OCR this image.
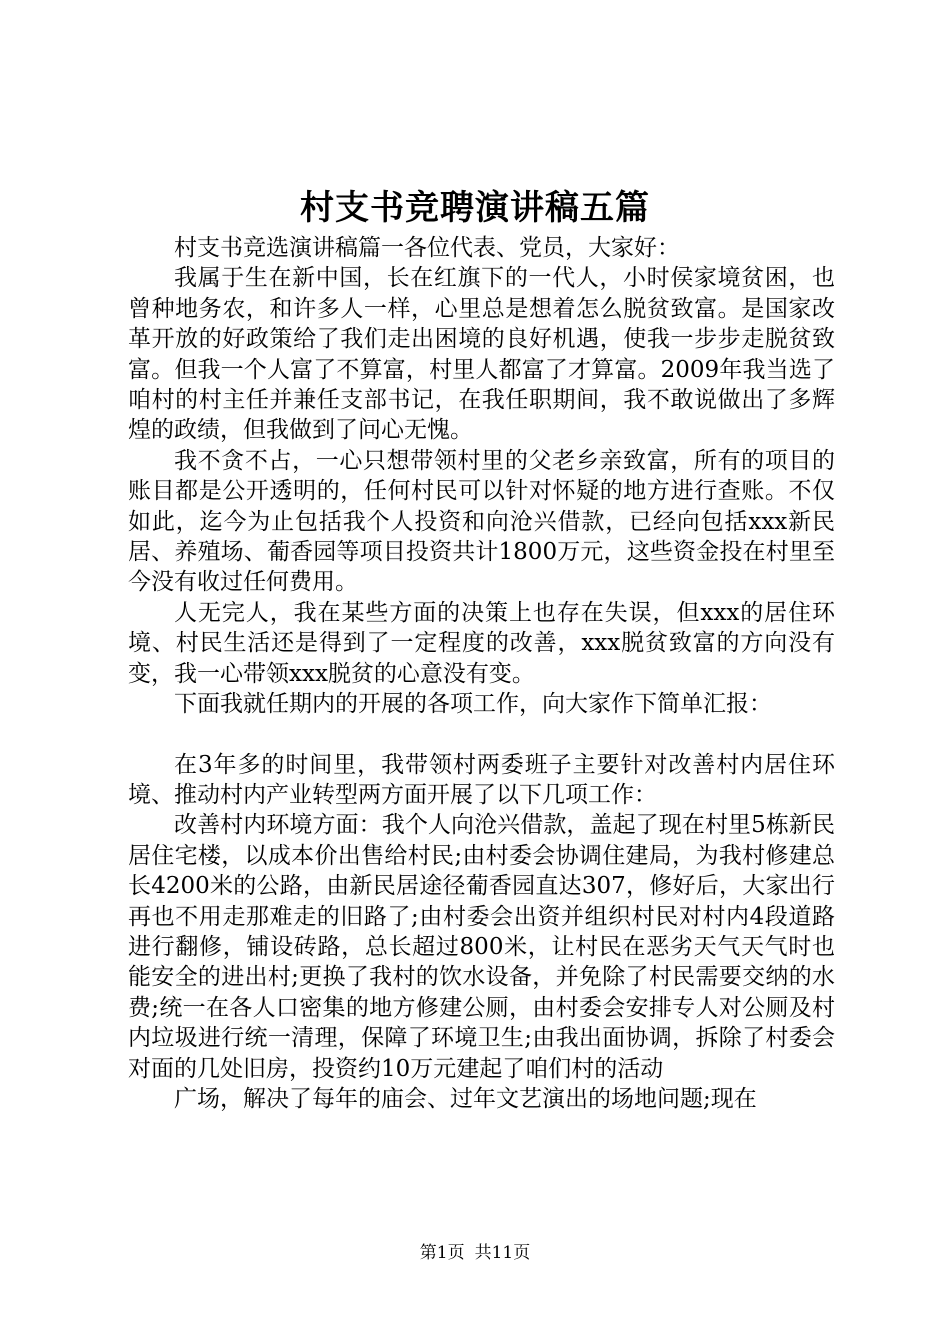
村支书竞聘演讲稿五篇

村支书竞选演讲稿篇一各位代表、党员，大家好：

我属于生在新中国，长在红旗下的一代人，小时侯家境贫困，也曾种地务农，和许多人一样，心里总是想着怎么脱贫致富。是国家改革开放的好政策给了我们走出困境的良好机遇，使我一步步走脱贫致富。但我一个人富了不算富，村里人都富了才算富。2009年我当选了咱村的村主任并兼任支部书记，在我任职期间，我不敢说做出了多辉煌的政绩，但我做到了问心无愧。

我不贪不占，一心只想带领村里的父老乡亲致富，所有的项目的账目都是公开透明的，任何村民可以针对怀疑的地方进行查账。不仅如此，迄今为止包括我个人投资和向沧兴借款，已经向包括xxx新民居、养殖场、葡香园等项目投资共计1800万元，这些资金投在村里至今没有收过任何费用。

人无完人，我在某些方面的决策上也存在失误，但xxx的居住环境、村民生活还是得到了一定程度的改善，xxx脱贫致富的方向没有变，我一心带领xxx脱贫的心意没有变。

下面我就任期内的开展的各项工作，向大家作下简单汇报：

在3年多的时间里，我带领村两委班子主要针对改善村内居住环境、推动村内产业转型两方面开展了以下几项工作：

改善村内环境方面：我个人向沧兴借款，盖起了现在村里5栋新民居住宅楼，以成本价出售给村民;由村委会协调住建局，为我村修建总长4200米的公路，由新民居途径葡香园直达307，修好后，大家出行再也不用走那难走的旧路了;由村委会出资并组织村民对村内4段道路进行翻修，铺设砖路，总长超过800米，让村民在恶劣天气天气时也能安全的进出村;更换了我村的饮水设备，并免除了村民需要交纳的水费;统一在各人口密集的地方修建公厕，由村委会安排专人对公厕及村内垃圾进行统一清理，保障了环境卫生;由我出面协调，拆除了村委会对面的几处旧房，投资约10万元建起了咱们村的活动

广场，解决了每年的庙会、过年文艺演出的场地问题;现在

第1页 共11页
